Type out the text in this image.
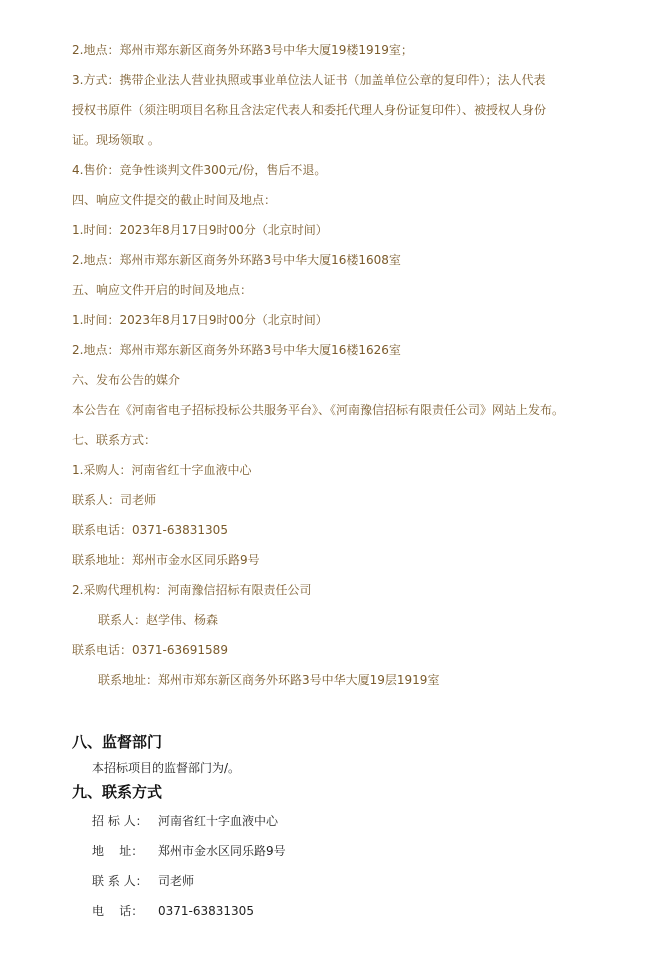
2.地点：郑州市郑东新区商务外环路3号中华大厦19楼1919室；
3.方式：携带企业法人营业执照或事业单位法人证书（加盖单位公章的复印件）；法人代表
授权书原件（须注明项目名称且含法定代表人和委托代理人身份证复印件）、被授权人身份
证。现场领取 。
4.售价：竞争性谈判文件300元/份，售后不退。
四、响应文件提交的截止时间及地点：
1.时间：2023年8月17日9时00分（北京时间）
2.地点：郑州市郑东新区商务外环路3号中华大厦16楼1608室
五、响应文件开启的时间及地点：
1.时间：2023年8月17日9时00分（北京时间）
2.地点：郑州市郑东新区商务外环路3号中华大厦16楼1626室
六、发布公告的媒介
本公告在《河南省电子招标投标公共服务平台》、《河南豫信招标有限责任公司》网站上发布。
七、联系方式：
1.采购人：河南省红十字血液中心
联系人：司老师
联系电话：0371-63831305
联系地址：郑州市金水区同乐路9号
2.采购代理机构：河南豫信招标有限责任公司
联系人：赵学伟、杨森
联系电话：0371-63691589
联系地址：郑州市郑东新区商务外环路3号中华大厦19层1919室
八、监督部门
本招标项目的监督部门为/。
九、联系方式
招 标 人： 河南省红十字血液中心
地    址： 郑州市金水区同乐路9号
联 系 人： 司老师
电    话： 0371-63831305
